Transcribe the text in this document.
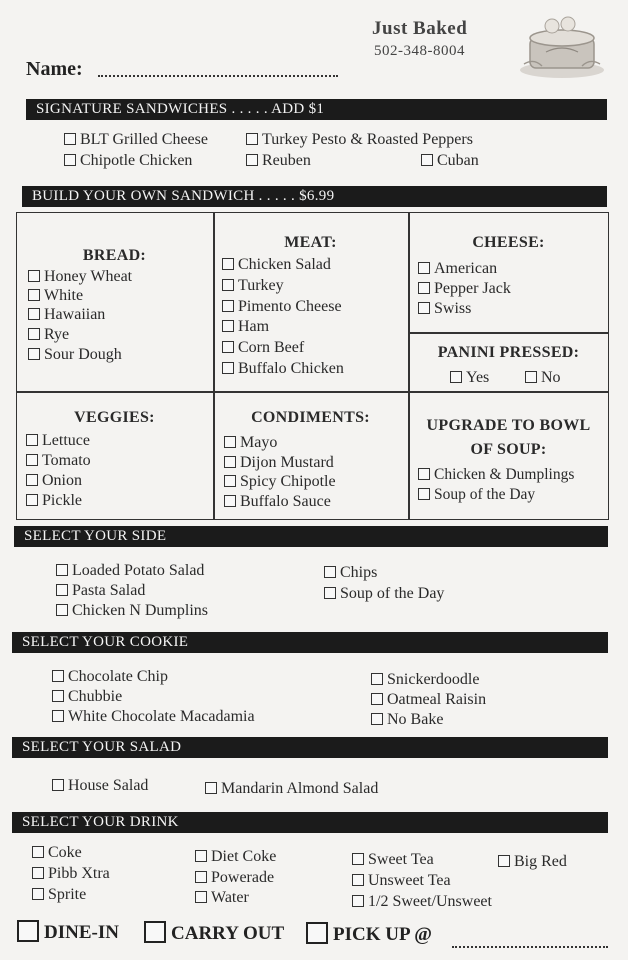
Just Baked
502-348-8004
Name:
SIGNATURE SANDWICHES . . . . . ADD $1
BLT Grilled Cheese	Turkey Pesto & Roasted Peppers
Chipotle Chicken	Reuben	Cuban
BUILD YOUR OWN SANDWICH . . . . . $6.99
BREAD:
Honey Wheat
White
Hawaiian
Rye
Sour Dough
MEAT:
Chicken Salad
Turkey
Pimento Cheese
Ham
Corn Beef
Buffalo Chicken
CHEESE:
American
Pepper Jack
Swiss
PANINI PRESSED:
Yes	No
VEGGIES:
Lettuce
Tomato
Onion
Pickle
CONDIMENTS:
Mayo
Dijon Mustard
Spicy Chipotle
Buffalo Sauce
UPGRADE TO BOWL
OF SOUP:
Chicken & Dumplings
Soup of the Day
SELECT YOUR SIDE
Loaded Potato Salad
Pasta Salad
Chicken N Dumplins
Chips
Soup of the Day
SELECT YOUR COOKIE
Chocolate Chip
Chubbie
White Chocolate Macadamia
Snickerdoodle
Oatmeal Raisin
No Bake
SELECT YOUR SALAD
House Salad	Mandarin Almond Salad
SELECT YOUR DRINK
Coke
Pibb Xtra
Sprite
Diet Coke
Powerade
Water
Sweet Tea
Unsweet Tea
1/2 Sweet/Unsweet
Big Red
DINE-IN	CARRY OUT	PICK UP @
